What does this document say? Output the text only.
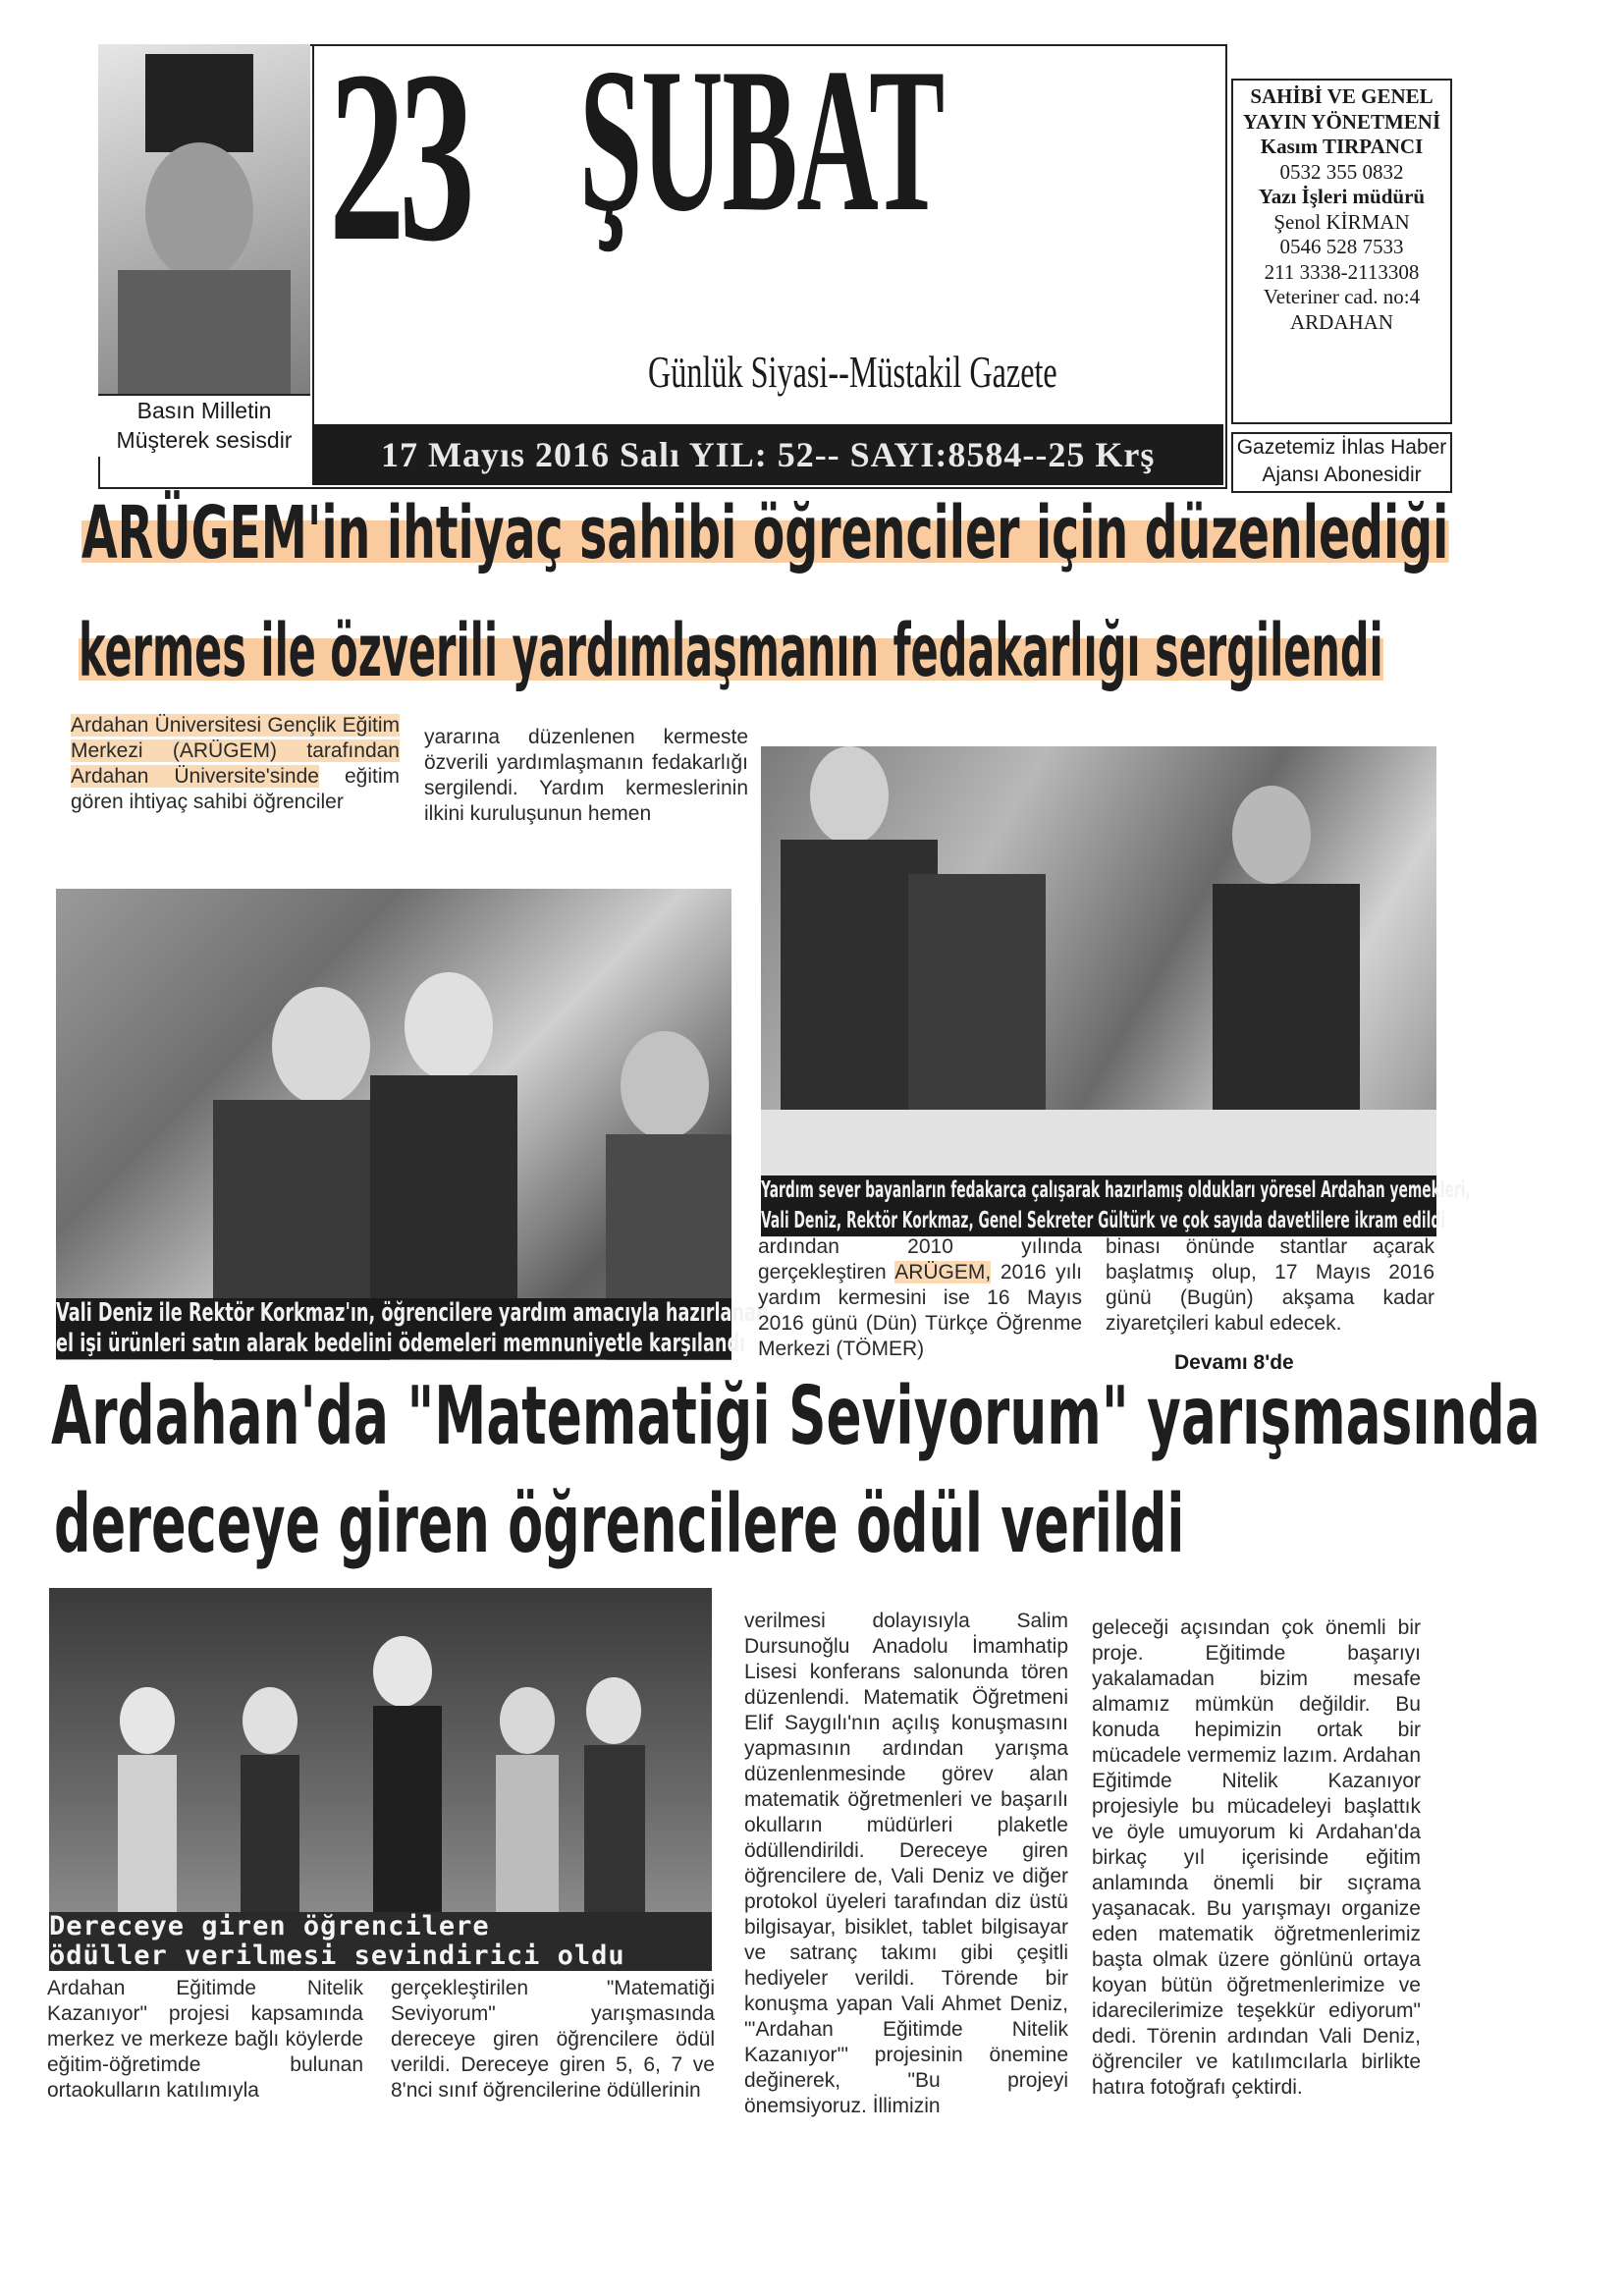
Basın Milletin
Müşterek sesisdir
23 ŞUBAT
Günlük Siyasi--Müstakil Gazete
17 Mayıs 2016 Salı YIL: 52-- SAYI:8584--25 Krş
SAHİBİ VE GENEL
YAYIN YÖNETMENİ
Kasım TIRPANCI
0532 355 0832
Yazı İşleri müdürü
Şenol KİRMAN
0546 528 7533
211 3338-2113308
Veteriner cad. no:4
ARDAHAN
Gazetemiz İhlas Haber
Ajansı Abonesidir
ARÜGEM'in ihtiyaç sahibi öğrenciler için düzenlediği
kermes ile özverili yardımlaşmanın fedakarlığı sergilendi
Ardahan Üniversitesi Gençlik Eğitim Merkezi (ARÜGEM) tarafından Ardahan Üniversite'sinde eğitim gören ihtiyaç sahibi öğrenciler
yararına düzenlenen kermeste özverili yardımlaşmanın fedakarlığı sergilendi. Yardım kermeslerinin ilkini kuruluşunun hemen
Vali Deniz ile Rektör Korkmaz'ın, öğrencilere yardım amacıyla hazırlanan
el işi ürünleri satın alarak bedelini ödemeleri memnuniyetle karşılandı
Yardım sever bayanların fedakarca çalışarak hazırlamış oldukları yöresel Ardahan yemekleri,
Vali Deniz, Rektör Korkmaz, Genel Sekreter Gültürk ve çok sayıda davetlilere ikram edildi
ardından 2010 yılında gerçekleştiren ARÜGEM, 2016 yılı yardım kermesini ise 16 Mayıs 2016 günü (Dün) Türkçe Öğrenme Merkezi (TÖMER)
binası önünde stantlar açarak başlatmış olup, 17 Mayıs 2016 günü (Bugün) akşama kadar ziyaretçileri kabul edecek.
Devamı 8'de
Ardahan'da "Matematiği Seviyorum" yarışmasında
dereceye giren öğrencilere ödül verildi
Dereceye giren öğrencilere
ödüller verilmesi sevindirici oldu
Ardahan Eğitimde Nitelik Kazanıyor" projesi kapsamında merkez ve merkeze bağlı köylerde eğitim-öğretimde bulunan ortaokulların katılımıyla
gerçekleştirilen "Matematiği Seviyorum" yarışmasında dereceye giren öğrencilere ödül verildi. Dereceye giren 5, 6, 7 ve 8'nci sınıf öğrencilerine ödüllerinin
verilmesi dolayısıyla Salim Dursunoğlu Anadolu İmamhatip Lisesi konferans salonunda tören düzenlendi. Matematik Öğretmeni Elif Saygılı'nın açılış konuşmasını yapmasının ardından yarışma düzenlenmesinde görev alan matematik öğretmenleri ve başarılı okulların müdürleri plaketle ödüllendirildi. Dereceye giren öğrencilere de, Vali Deniz ve diğer protokol üyeleri tarafından diz üstü bilgisayar, bisiklet, tablet bilgisayar ve satranç takımı gibi çeşitli hediyeler verildi. Törende bir konuşma yapan Vali Ahmet Deniz, "'Ardahan Eğitimde Nitelik Kazanıyor'" projesinin önemine değinerek, "Bu projeyi önemsiyoruz. İllimizin
geleceği açısından çok önemli bir proje. Eğitimde başarıyı yakalamadan bizim mesafe almamız mümkün değildir. Bu konuda hepimizin ortak bir mücadele vermemiz lazım. Ardahan Eğitimde Nitelik Kazanıyor projesiyle bu mücadeleyi başlattık ve öyle umuyorum ki Ardahan'da birkaç yıl içerisinde eğitim anlamında önemli bir sıçrama yaşanacak. Bu yarışmayı organize eden matematik öğretmenlerimiz başta olmak üzere gönlünü ortaya koyan bütün öğretmenlerimize ve idarecilerimize teşekkür ediyorum" dedi. Törenin ardından Vali Deniz, öğrenciler ve katılımcılarla birlikte hatıra fotoğrafı çektirdi.
